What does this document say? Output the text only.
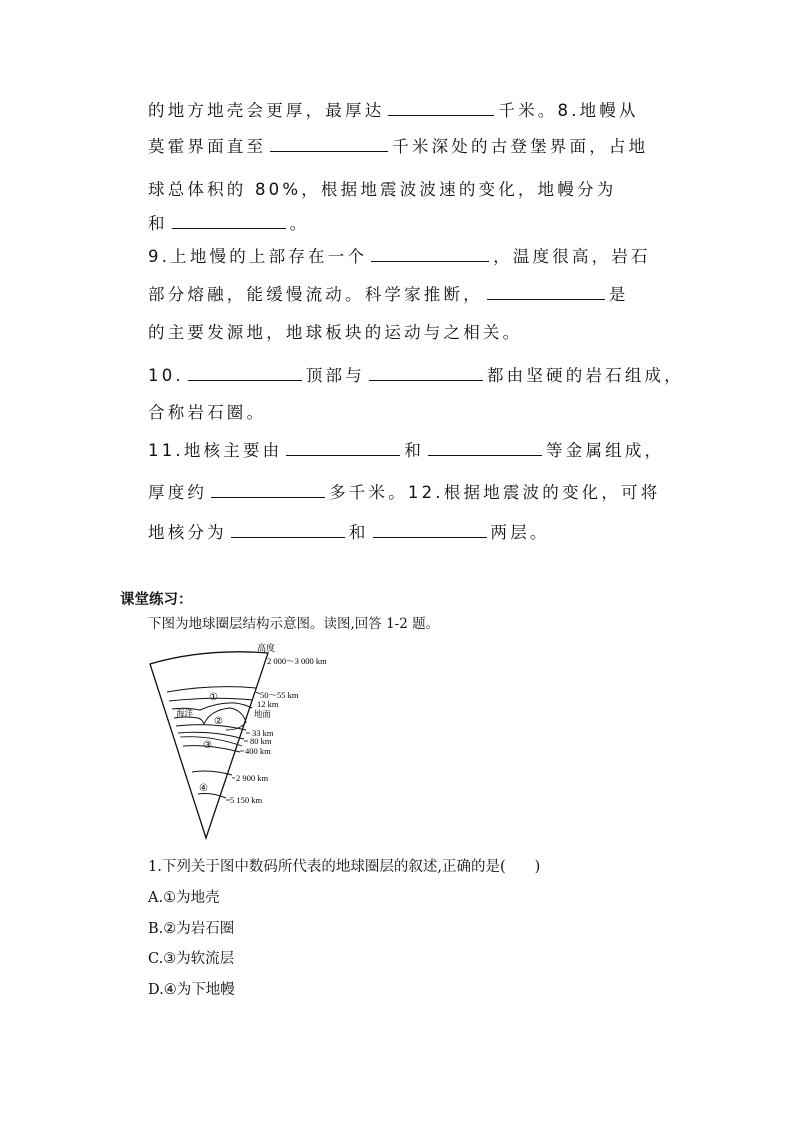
的地方地壳会更厚，最厚达	千米。8.地幔从
莫霍界面直至	千米深处的古登堡界面，占地
球总体积的 80%，根据地震波波速的变化，地幔分为
和	。
9.上地慢的上部存在一个	，温度很高，岩石
部分熔融，能缓慢流动。科学家推断，	是
的主要发源地，地球板块的运动与之相关。
10.	顶部与	都由坚硬的岩石组成，
合称岩石圈。
11.地核主要由	和	等金属组成，
厚度约	多千米。12.根据地震波的变化，可将
地核分为	和	两层。
课堂练习：
下图为地球圈层结构示意图。读图,回答 1-2 题。
高度
2 000～3 000 km
50～55 km
12 km
地面
海洋
33 km
80 km
400 km
2 900 km
5 150 km
①
②
③
④
1.下列关于图中数码所代表的地球圈层的叙述,正确的是(　　)
A.①为地壳
B.②为岩石圈
C.③为软流层
D.④为下地幔
